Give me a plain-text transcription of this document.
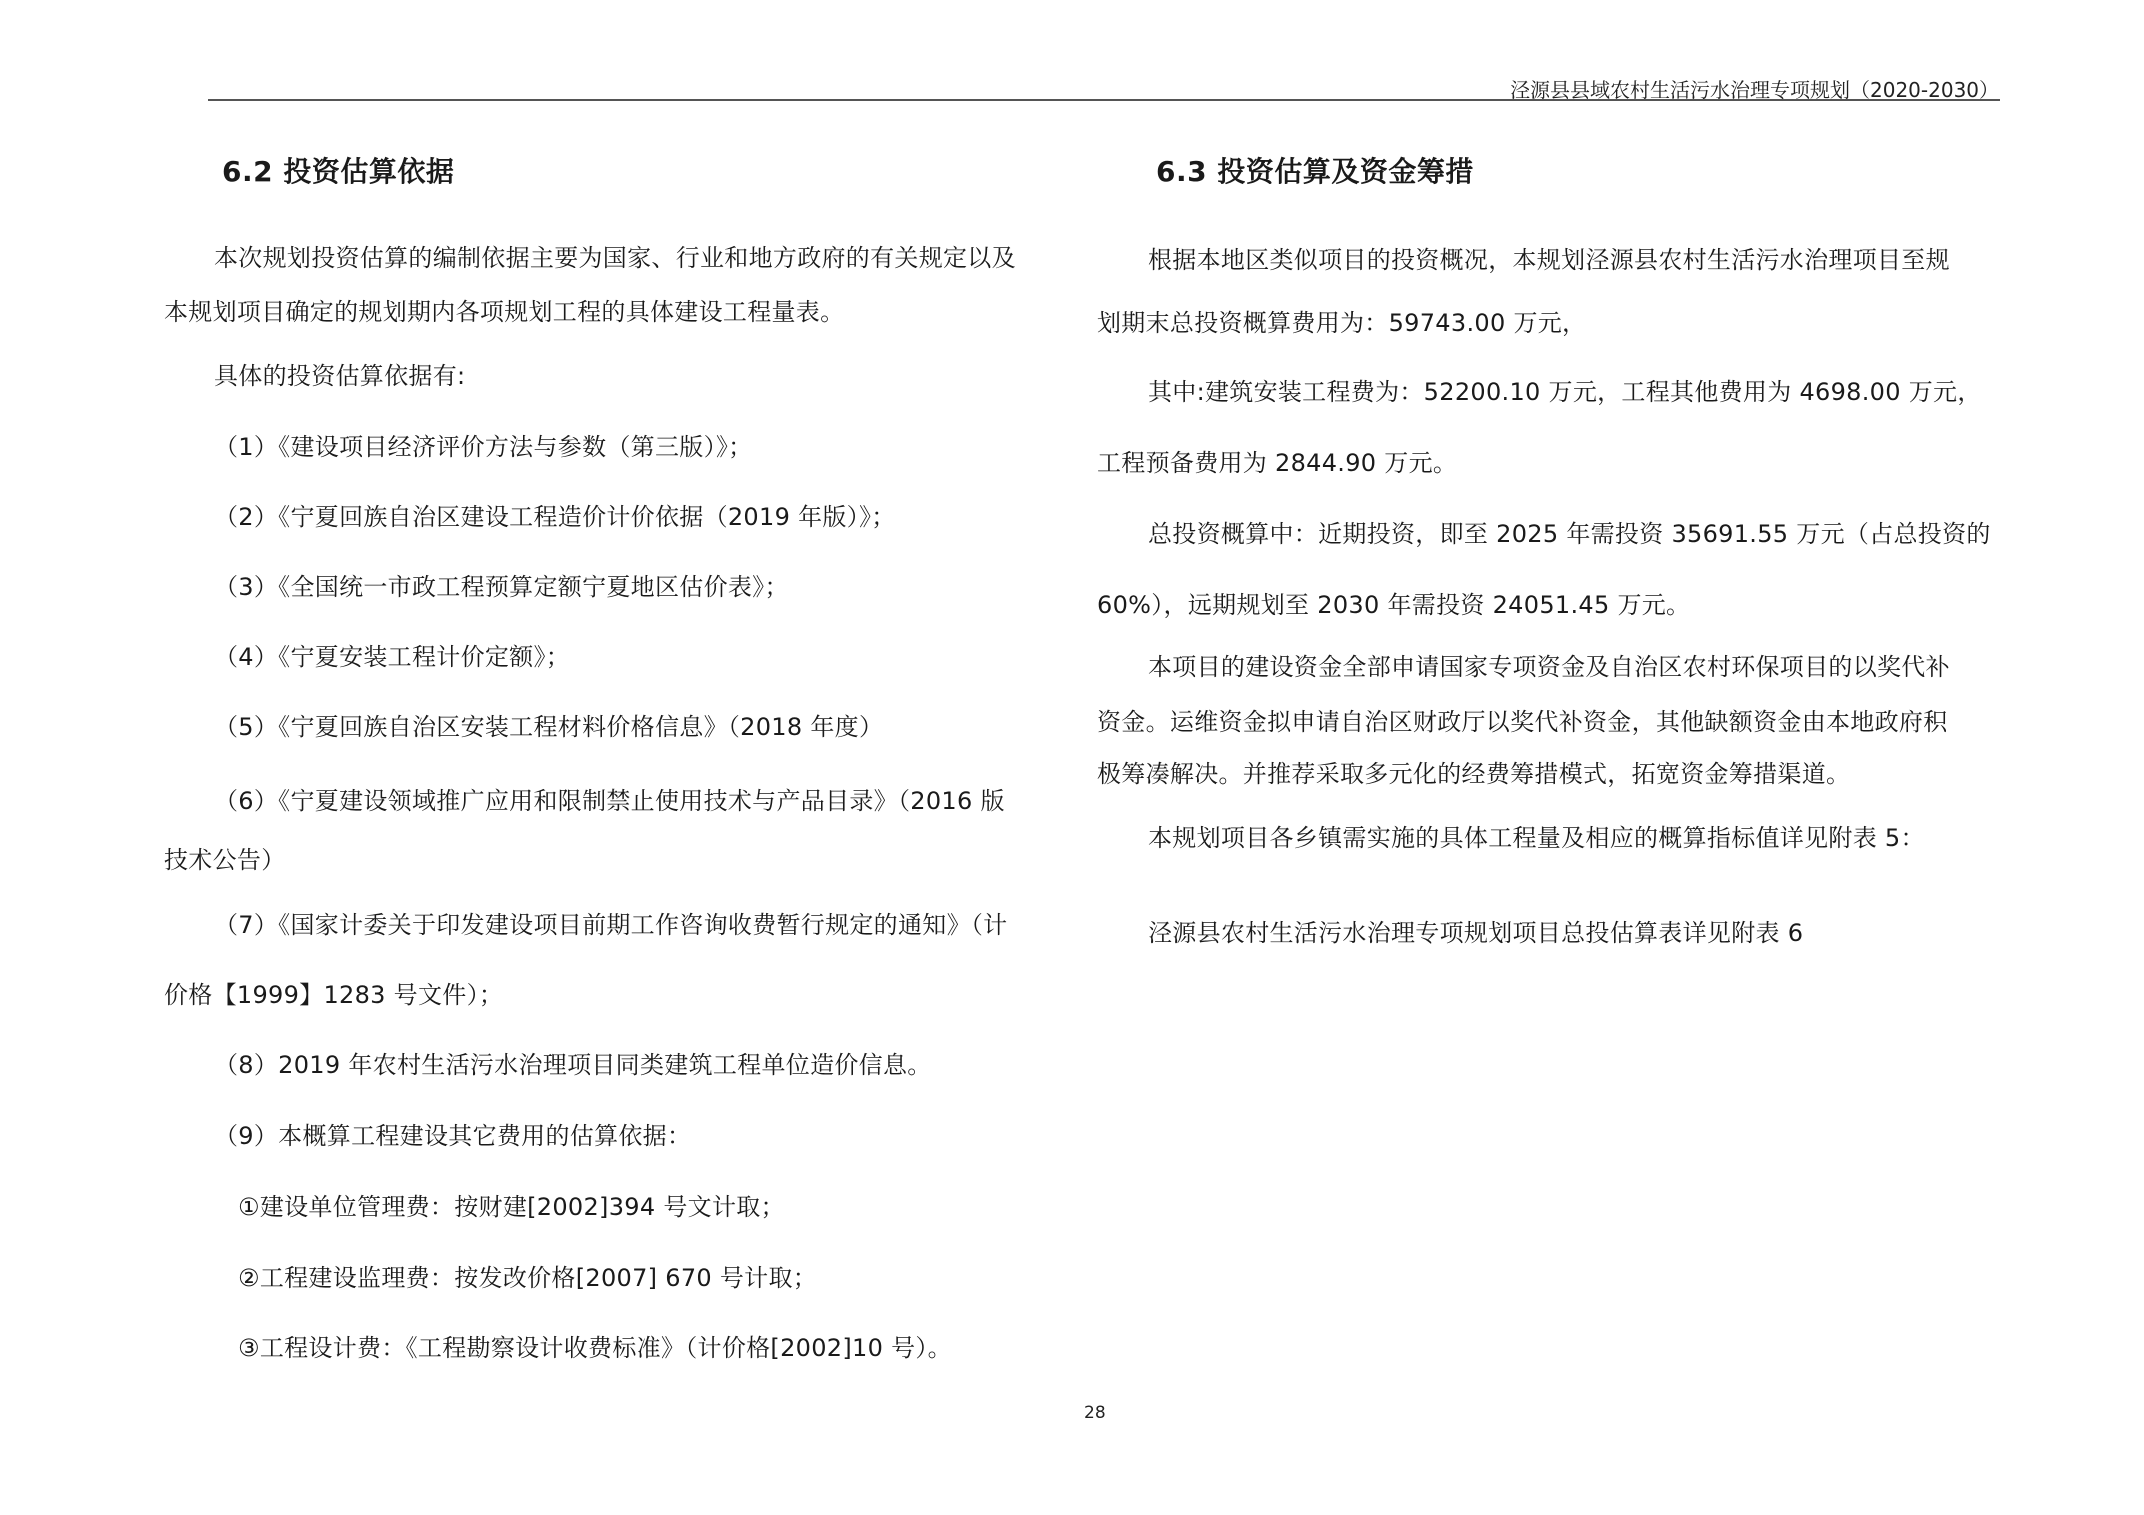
泾源县县域农村生活污水治理专项规划（2020-2030）
6.2 投资估算依据
本次规划投资估算的编制依据主要为国家、行业和地方政府的有关规定以及
本规划项目确定的规划期内各项规划工程的具体建设工程量表。
具体的投资估算依据有:
（1）《建设项目经济评价方法与参数（第三版）》；
（2）《宁夏回族自治区建设工程造价计价依据（2019 年版）》；
（3）《全国统一市政工程预算定额宁夏地区估价表》；
（4）《宁夏安装工程计价定额》；
（5）《宁夏回族自治区安装工程材料价格信息》（2018 年度）
（6）《宁夏建设领域推广应用和限制禁止使用技术与产品目录》（2016 版
技术公告）
（7）《国家计委关于印发建设项目前期工作咨询收费暂行规定的通知》（计
价格【1999】1283 号文件）；
（8）2019 年农村生活污水治理项目同类建筑工程单位造价信息。
（9）本概算工程建设其它费用的估算依据：
①建设单位管理费：按财建[2002]394 号文计取；
②工程建设监理费：按发改价格[2007] 670 号计取；
③工程设计费：《工程勘察设计收费标准》（计价格[2002]10 号）。
6.3 投资估算及资金筹措
根据本地区类似项目的投资概况，本规划泾源县农村生活污水治理项目至规
划期末总投资概算费用为：59743.00 万元，
其中:建筑安装工程费为：52200.10 万元，工程其他费用为 4698.00 万元，
工程预备费用为 2844.90 万元。
总投资概算中：近期投资，即至 2025 年需投资 35691.55 万元（占总投资的
60%），远期规划至 2030 年需投资 24051.45 万元。
本项目的建设资金全部申请国家专项资金及自治区农村环保项目的以奖代补
资金。运维资金拟申请自治区财政厅以奖代补资金，其他缺额资金由本地政府积
极筹凑解决。并推荐采取多元化的经费筹措模式，拓宽资金筹措渠道。
本规划项目各乡镇需实施的具体工程量及相应的概算指标值详见附表 5：
泾源县农村生活污水治理专项规划项目总投估算表详见附表 6
28
